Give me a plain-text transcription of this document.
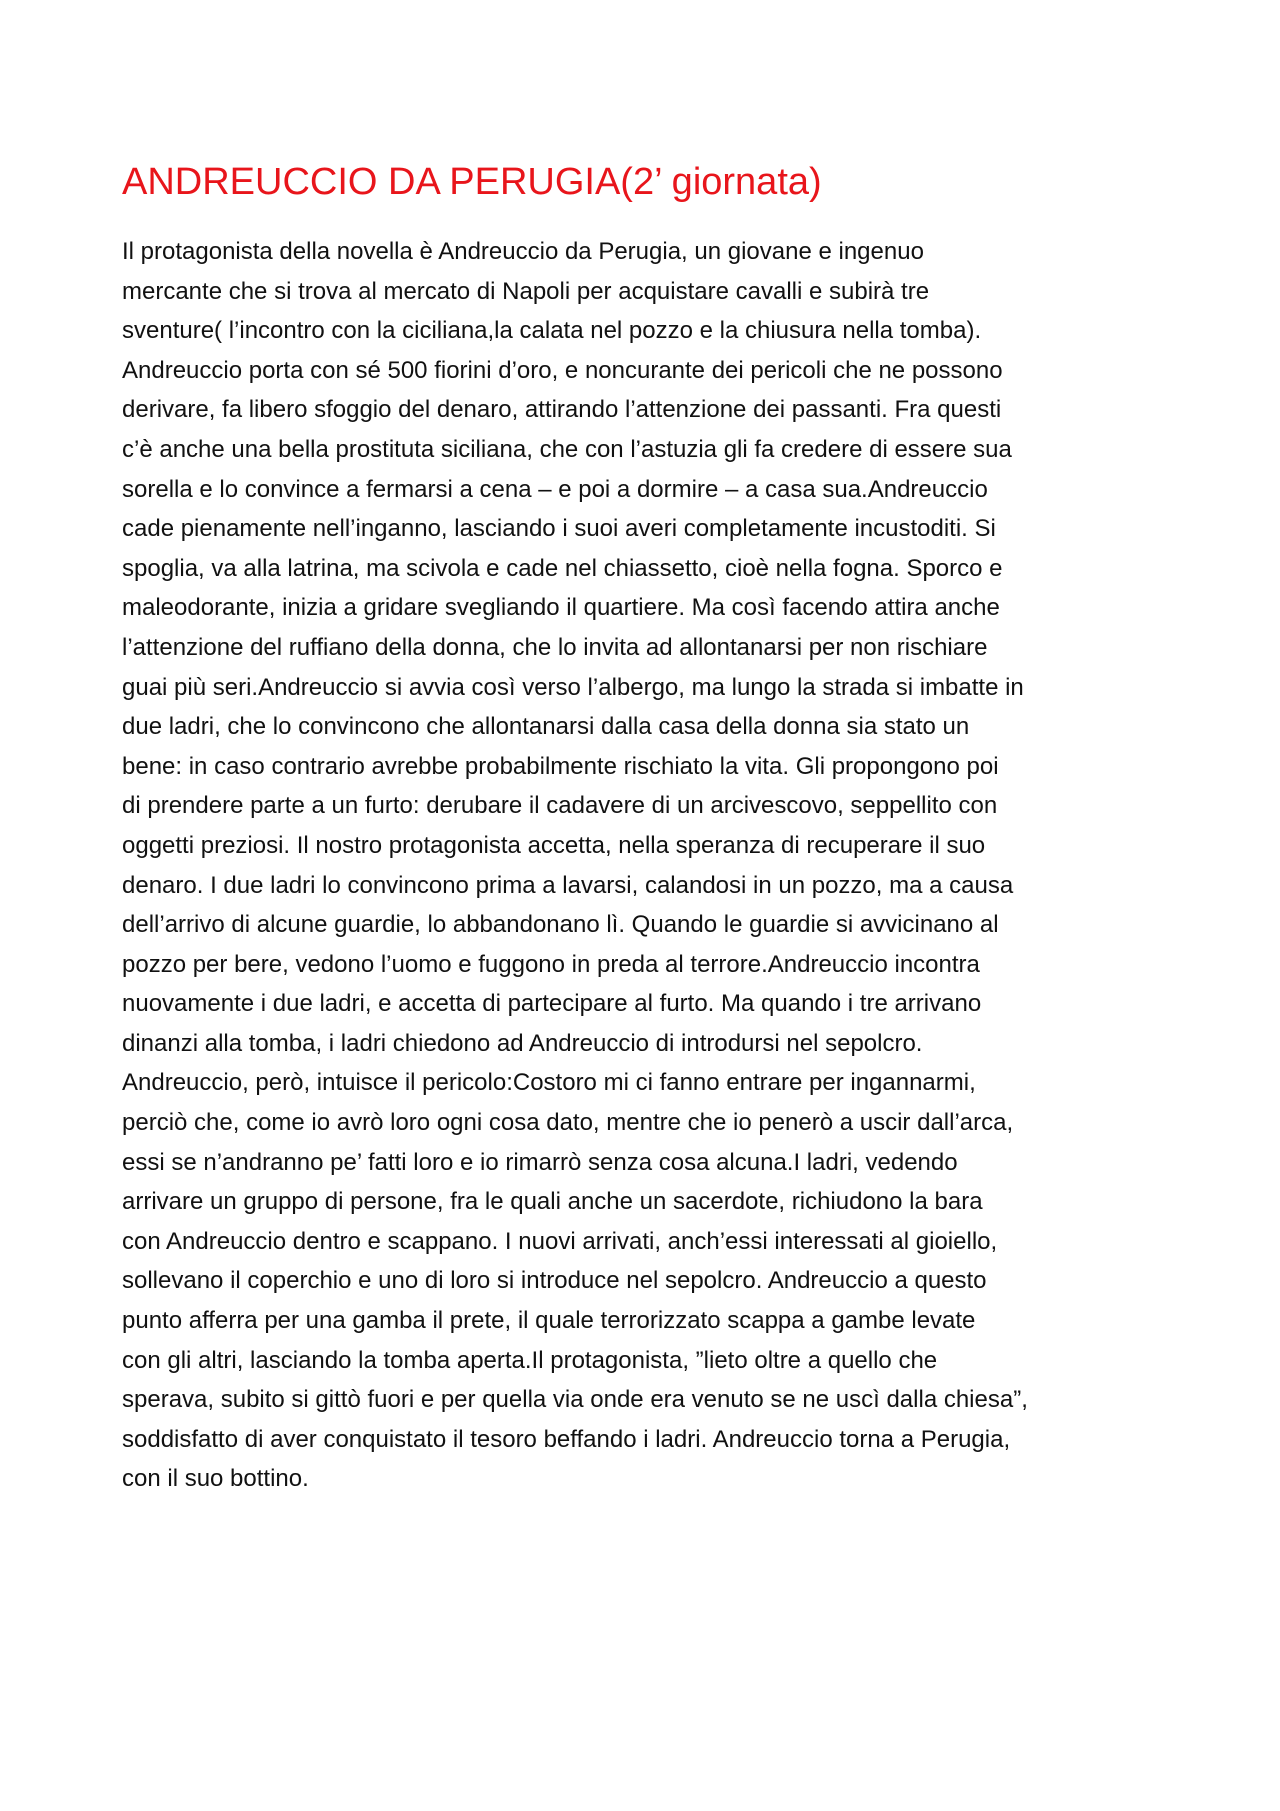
ANDREUCCIO DA PERUGIA(2’ giornata)
Il protagonista della novella è Andreuccio da Perugia, un giovane e ingenuo
mercante che si trova al mercato di Napoli per acquistare cavalli e subirà tre
sventure( l’incontro con la ciciliana,la calata nel pozzo e la chiusura nella tomba).
Andreuccio porta con sé 500 fiorini d’oro, e noncurante dei pericoli che ne possono
derivare, fa libero sfoggio del denaro, attirando l’attenzione dei passanti. Fra questi
c’è anche una bella prostituta siciliana, che con l’astuzia gli fa credere di essere sua
sorella e lo convince a fermarsi a cena – e poi a dormire – a casa sua.Andreuccio
cade pienamente nell’inganno, lasciando i suoi averi completamente incustoditi. Si
spoglia, va alla latrina, ma scivola e cade nel chiassetto, cioè nella fogna. Sporco e
maleodorante, inizia a gridare svegliando il quartiere. Ma così facendo attira anche
l’attenzione del ruffiano della donna, che lo invita ad allontanarsi per non rischiare
guai più seri.Andreuccio si avvia così verso l’albergo, ma lungo la strada si imbatte in
due ladri, che lo convincono che allontanarsi dalla casa della donna sia stato un
bene: in caso contrario avrebbe probabilmente rischiato la vita. Gli propongono poi
di prendere parte a un furto: derubare il cadavere di un arcivescovo, seppellito con
oggetti preziosi. Il nostro protagonista accetta, nella speranza di recuperare il suo
denaro. I due ladri lo convincono prima a lavarsi, calandosi in un pozzo, ma a causa
dell’arrivo di alcune guardie, lo abbandonano lì. Quando le guardie si avvicinano al
pozzo per bere, vedono l’uomo e fuggono in preda al terrore.Andreuccio incontra
nuovamente i due ladri, e accetta di partecipare al furto. Ma quando i tre arrivano
dinanzi alla tomba, i ladri chiedono ad Andreuccio di introdursi nel sepolcro.
Andreuccio, però, intuisce il pericolo:Costoro mi ci fanno entrare per ingannarmi,
perciò che, come io avrò loro ogni cosa dato, mentre che io penerò a uscir dall’arca,
essi se n’andranno pe’ fatti loro e io rimarrò senza cosa alcuna.I ladri, vedendo
arrivare un gruppo di persone, fra le quali anche un sacerdote, richiudono la bara
con Andreuccio dentro e scappano. I nuovi arrivati, anch’essi interessati al gioiello,
sollevano il coperchio e uno di loro si introduce nel sepolcro. Andreuccio a questo
punto afferra per una gamba il prete, il quale terrorizzato scappa a gambe levate
con gli altri, lasciando la tomba aperta.Il protagonista, ”lieto oltre a quello che
sperava, subito si gittò fuori e per quella via onde era venuto se ne uscì dalla chiesa”,
soddisfatto di aver conquistato il tesoro beffando i ladri. Andreuccio torna a Perugia,
con il suo bottino.
